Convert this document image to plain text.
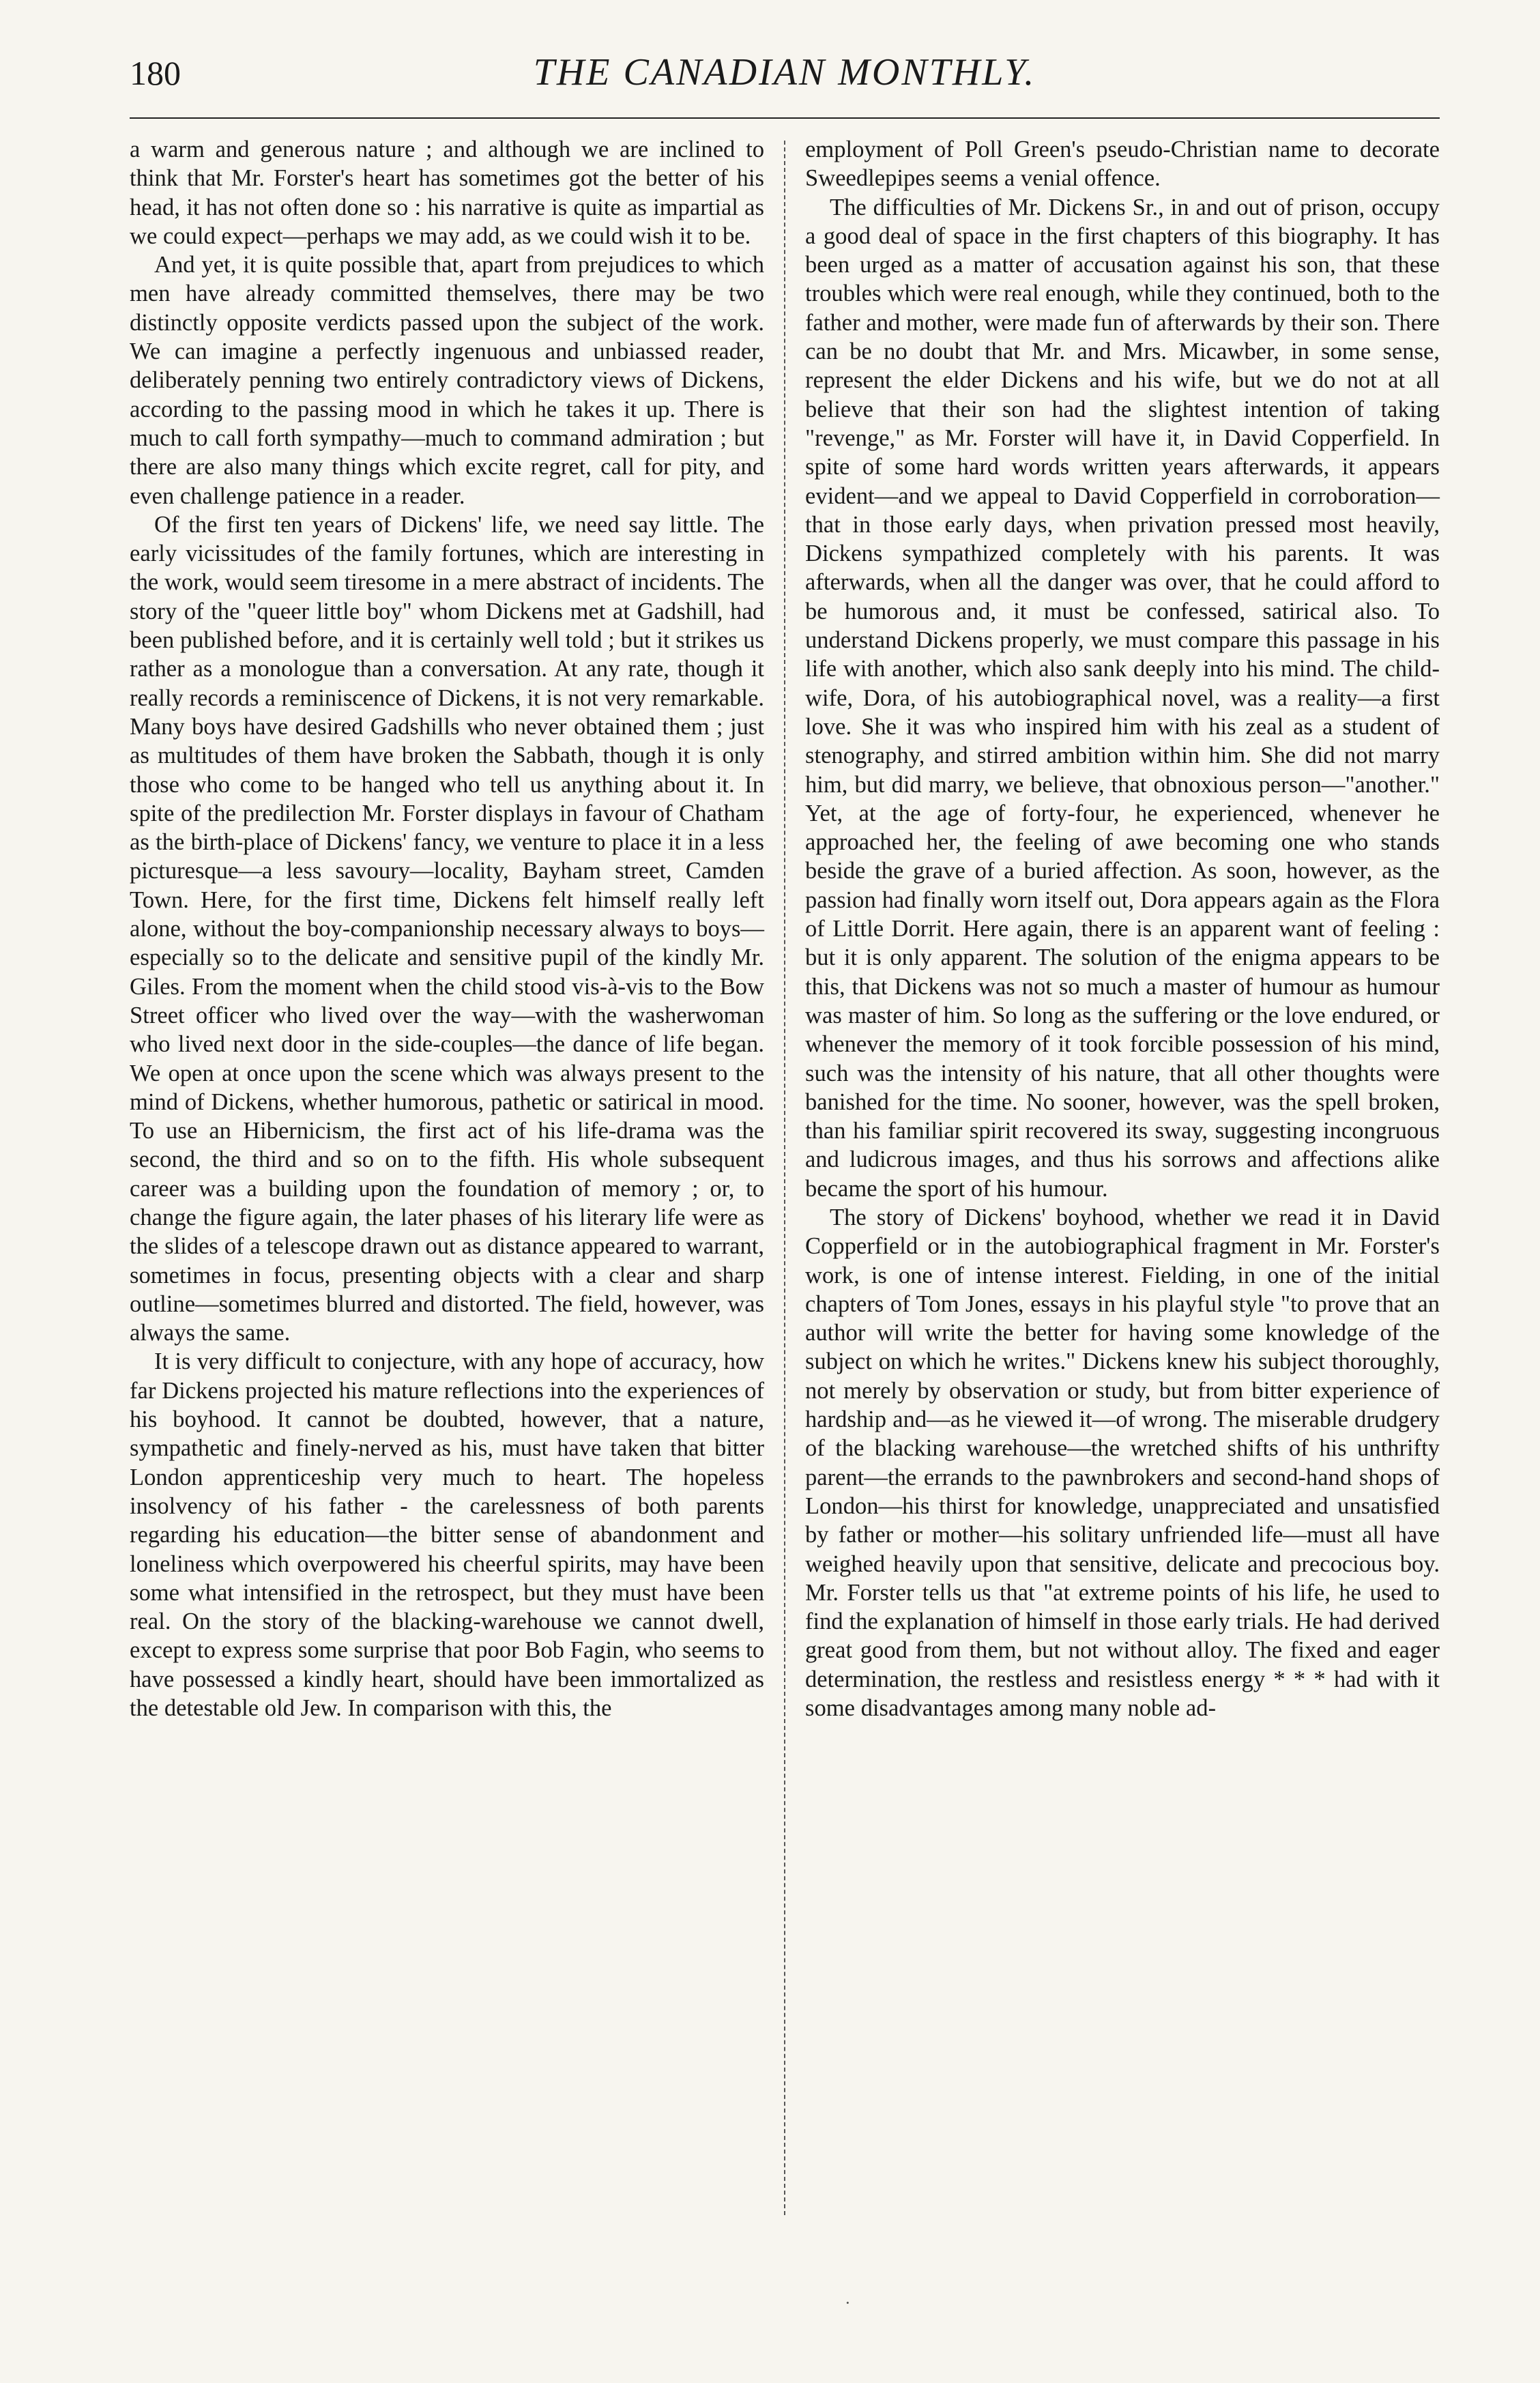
180	THE CANADIAN MONTHLY.

a warm and generous nature ; and although we are inclined to think that Mr. Forster's heart has sometimes got the better of his head, it has not often done so : his narrative is quite as impartial as we could expect—perhaps we may add, as we could wish it to be.

And yet, it is quite possible that, apart from prejudices to which men have already committed themselves, there may be two distinctly opposite verdicts passed upon the subject of the work. We can imagine a perfectly ingenuous and unbiassed reader, deliberately penning two entirely contradictory views of Dickens, according to the passing mood in which he takes it up. There is much to call forth sympathy—much to command admiration ; but there are also many things which excite regret, call for pity, and even challenge patience in a reader.

Of the first ten years of Dickens' life, we need say little. The early vicissitudes of the family fortunes, which are interesting in the work, would seem tiresome in a mere abstract of incidents. The story of the "queer little boy" whom Dickens met at Gadshill, had been published before, and it is certainly well told ; but it strikes us rather as a monologue than a conversation. At any rate, though it really records a reminiscence of Dickens, it is not very remarkable. Many boys have desired Gadshills who never obtained them ; just as multitudes of them have broken the Sabbath, though it is only those who come to be hanged who tell us anything about it. In spite of the predilection Mr. Forster displays in favour of Chatham as the birth-place of Dickens' fancy, we venture to place it in a less picturesque—a less savoury—locality, Bayham street, Camden Town. Here, for the first time, Dickens felt himself really left alone, without the boy-companionship necessary always to boys—especially so to the delicate and sensitive pupil of the kindly Mr. Giles. From the moment when the child stood vis-à-vis to the Bow Street officer who lived over the way—with the washerwoman who lived next door in the side-couples—the dance of life began. We open at once upon the scene which was always present to the mind of Dickens, whether humorous, pathetic or satirical in mood. To use an Hibernicism, the first act of his life-drama was the second, the third and so on to the fifth. His whole subsequent career was a building upon the foundation of memory ; or, to change the figure again, the later phases of his literary life were as the slides of a telescope drawn out as distance appeared to warrant, sometimes in focus, presenting objects with a clear and sharp outline—sometimes blurred and distorted. The field, however, was always the same.

It is very difficult to conjecture, with any hope of accuracy, how far Dickens projected his mature reflections into the experiences of his boyhood. It cannot be doubted, however, that a nature, sympathetic and finely-nerved as his, must have taken that bitter London apprenticeship very much to heart. The hopeless insolvency of his father - the carelessness of both parents regarding his education—the bitter sense of abandonment and loneliness which overpowered his cheerful spirits, may have been some what intensified in the retrospect, but they must have been real. On the story of the blacking-warehouse we cannot dwell, except to express some surprise that poor Bob Fagin, who seems to have possessed a kindly heart, should have been immortalized as the detestable old Jew. In comparison with this, the

employment of Poll Green's pseudo-Christian name to decorate Sweedlepipes seems a venial offence.

The difficulties of Mr. Dickens Sr., in and out of prison, occupy a good deal of space in the first chapters of this biography. It has been urged as a matter of accusation against his son, that these troubles which were real enough, while they continued, both to the father and mother, were made fun of afterwards by their son. There can be no doubt that Mr. and Mrs. Micawber, in some sense, represent the elder Dickens and his wife, but we do not at all believe that their son had the slightest intention of taking "revenge," as Mr. Forster will have it, in David Copperfield. In spite of some hard words written years afterwards, it appears evident—and we appeal to David Copperfield in corroboration—that in those early days, when privation pressed most heavily, Dickens sympathized completely with his parents. It was afterwards, when all the danger was over, that he could afford to be humorous and, it must be confessed, satirical also. To understand Dickens properly, we must compare this passage in his life with another, which also sank deeply into his mind. The child-wife, Dora, of his autobiographical novel, was a reality—a first love. She it was who inspired him with his zeal as a student of stenography, and stirred ambition within him. She did not marry him, but did marry, we believe, that obnoxious person—"another." Yet, at the age of forty-four, he experienced, whenever he approached her, the feeling of awe becoming one who stands beside the grave of a buried affection. As soon, however, as the passion had finally worn itself out, Dora appears again as the Flora of Little Dorrit. Here again, there is an apparent want of feeling : but it is only apparent. The solution of the enigma appears to be this, that Dickens was not so much a master of humour as humour was master of him. So long as the suffering or the love endured, or whenever the memory of it took forcible possession of his mind, such was the intensity of his nature, that all other thoughts were banished for the time. No sooner, however, was the spell broken, than his familiar spirit recovered its sway, suggesting incongruous and ludicrous images, and thus his sorrows and affections alike became the sport of his humour.

The story of Dickens' boyhood, whether we read it in David Copperfield or in the autobiographical fragment in Mr. Forster's work, is one of intense interest. Fielding, in one of the initial chapters of Tom Jones, essays in his playful style "to prove that an author will write the better for having some knowledge of the subject on which he writes." Dickens knew his subject thoroughly, not merely by observation or study, but from bitter experience of hardship and—as he viewed it—of wrong. The miserable drudgery of the blacking warehouse—the wretched shifts of his unthrifty parent—the errands to the pawnbrokers and second-hand shops of London—his thirst for knowledge, unappreciated and unsatisfied by father or mother—his solitary unfriended life—must all have weighed heavily upon that sensitive, delicate and precocious boy. Mr. Forster tells us that "at extreme points of his life, he used to find the explanation of himself in those early trials. He had derived great good from them, but not without alloy. The fixed and eager determination, the restless and resistless energy * * * had with it some disadvantages among many noble ad-

·
